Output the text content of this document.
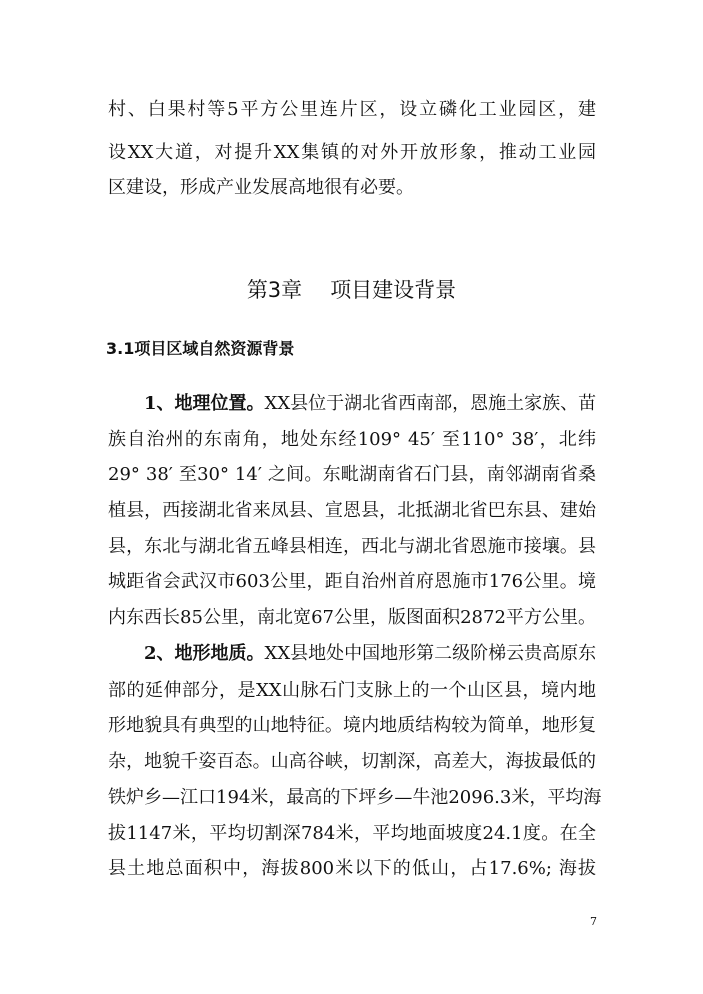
村、白果村等5平方公里连片区，设立磷化工业园区，建
设XX大道，对提升XX集镇的对外开放形象，推动工业园
区建设，形成产业发展高地很有必要。
第3章 项目建设背景
3.1项目区域自然资源背景
1、地理位置。XX县位于湖北省西南部，恩施土家族、苗
族自治州的东南角，地处东经109° 45′ 至110° 38′，北纬
29° 38′ 至30° 14′ 之间。东毗湖南省石门县，南邻湖南省桑
植县，西接湖北省来凤县、宣恩县，北抵湖北省巴东县、建始
县，东北与湖北省五峰县相连，西北与湖北省恩施市接壤。县
城距省会武汉市603公里，距自治州首府恩施市176公里。境
内东西长85公里，南北宽67公里，版图面积2872平方公里。
2、地形地质。XX县地处中国地形第二级阶梯云贵高原东
部的延伸部分，是XX山脉石门支脉上的一个山区县，境内地
形地貌具有典型的山地特征。境内地质结构较为简单，地形复
杂，地貌千姿百态。山高谷峡，切割深，高差大，海拔最低的
铁炉乡—江口194米，最高的下坪乡—牛池2096.3米，平均海
拔1147米，平均切割深784米，平均地面坡度24.1度。在全
县土地总面积中，海拔800米以下的低山，占17.6%; 海拔
7
